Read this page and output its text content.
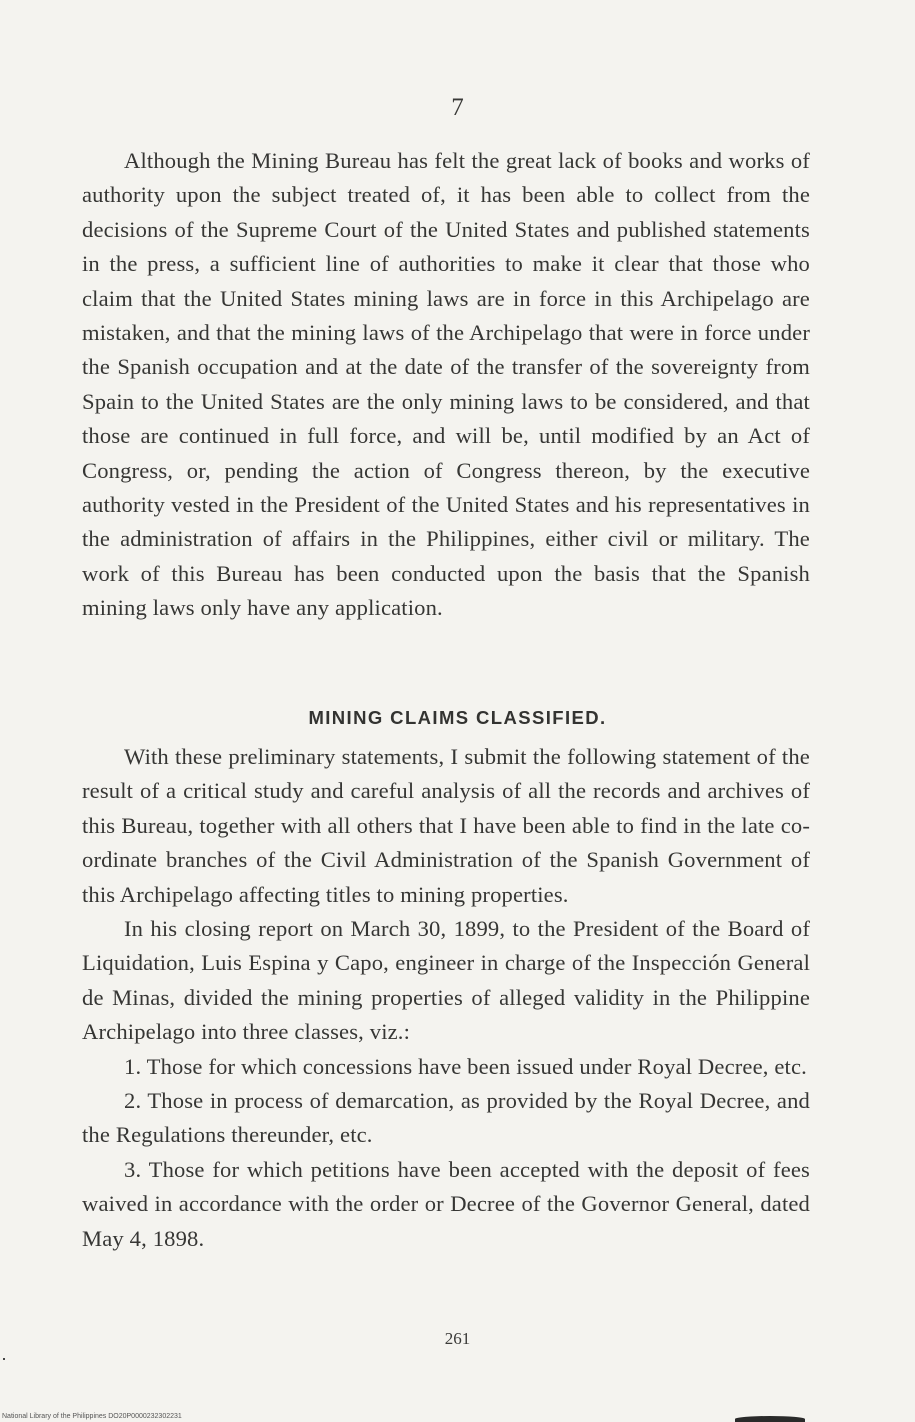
7

Although the Mining Bureau has felt the great lack of books and works of authority upon the subject treated of, it has been able to collect from the decisions of the Supreme Court of the United States and published statements in the press, a sufficient line of authorities to make it clear that those who claim that the United States mining laws are in force in this Archipelago are mistaken, and that the mining laws of the Archipelago that were in force under the Spanish occupation and at the date of the transfer of the sovereignty from Spain to the United States are the only mining laws to be considered, and that those are continued in full force, and will be, until modified by an Act of Congress, or, pending the action of Congress thereon, by the executive authority vested in the President of the United States and his representatives in the administration of affairs in the Philippines, either civil or military. The work of this Bureau has been conducted upon the basis that the Spanish mining laws only have any application.

MINING CLAIMS CLASSIFIED.

With these preliminary statements, I submit the following statement of the result of a critical study and careful analysis of all the records and archives of this Bureau, together with all others that I have been able to find in the late co-ordinate branches of the Civil Administration of the Spanish Government of this Archipelago affecting titles to mining properties.

In his closing report on March 30, 1899, to the President of the Board of Liquidation, Luis Espina y Capo, engineer in charge of the Inspección General de Minas, divided the mining properties of alleged validity in the Philippine Archipelago into three classes, viz.:

1. Those for which concessions have been issued under Royal Decree, etc.

2. Those in process of demarcation, as provided by the Royal Decree, and the Regulations thereunder, etc.

3. Those for which petitions have been accepted with the deposit of fees waived in accordance with the order or Decree of the Governor General, dated May 4, 1898.

261
National Library of the Philippines DO20P0000232302231
